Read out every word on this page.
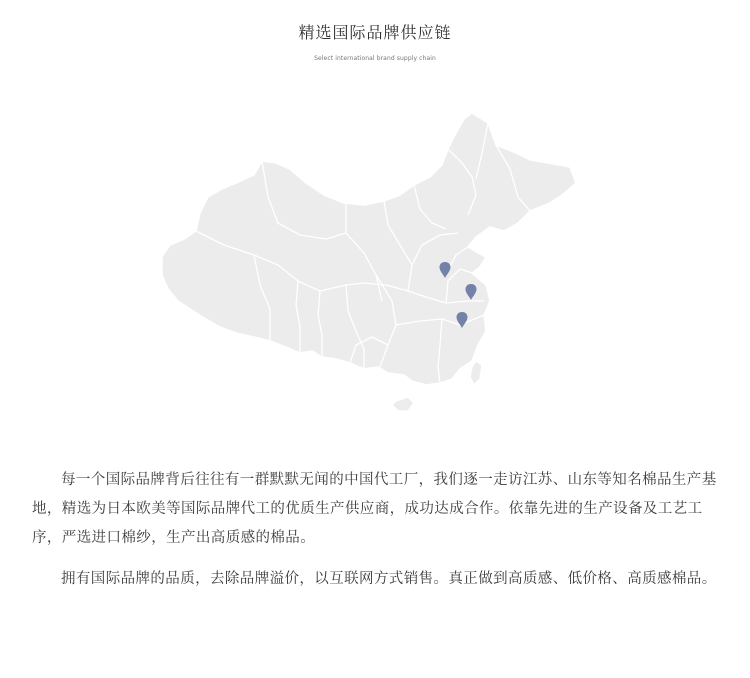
精选国际品牌供应链
Select international brand supply chain

每一个国际品牌背后往往有一群默默无闻的中国代工厂，我们逐一走访江苏、山东等知名棉品生产基地，精选为日本欧美等国际品牌代工的优质生产供应商，成功达成合作。依靠先进的生产设备及工艺工序，严选进口棉纱，生产出高质感的棉品。

拥有国际品牌的品质，去除品牌溢价，以互联网方式销售。真正做到高质感、低价格、高质感棉品。
